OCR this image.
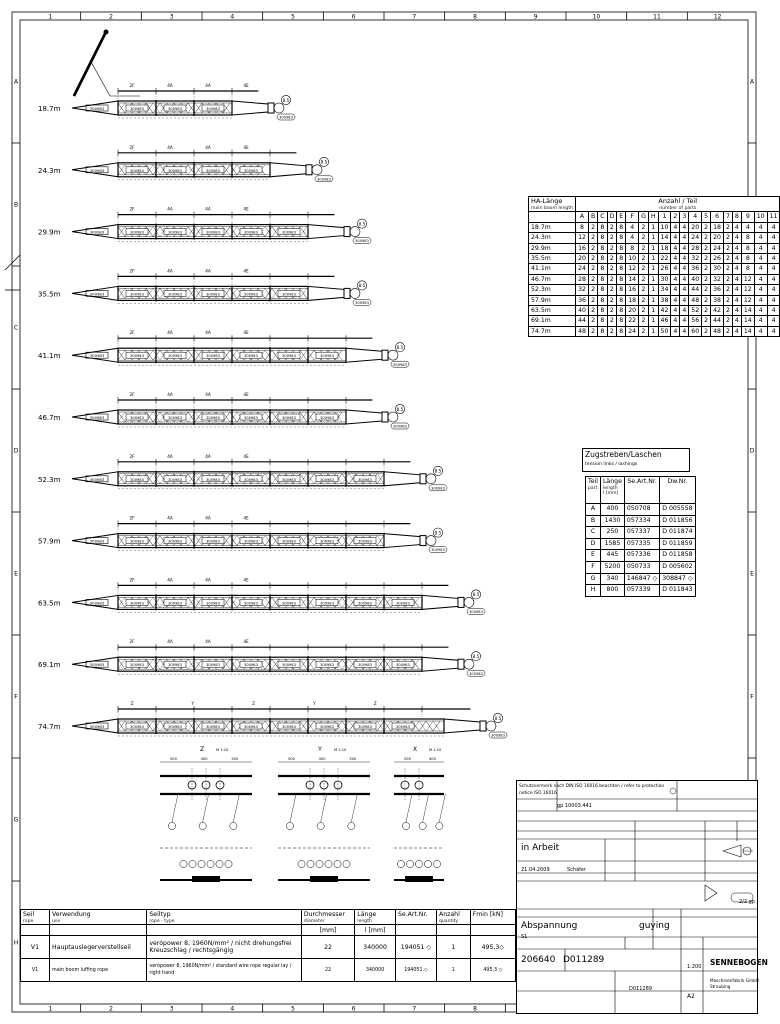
1
1
2
2
3
3
4
4
5
5
6
6
7
7
8
8
9	10	11	12
A	A
B
C
D	D
E	E
F	F
G
H
18.7m	300983	300983	300983	300983
8.5
300983
2F	4A	4A	4E
24.3m	300983	300983	300983	300983	300983
8.5
300983
2F	4A	4A	4E
29.9m	300983	300983	300983	300983	300983	300983
8.5
300983
2F	4A	4A	4E
35.5m	300983	300983	300983	300983	300983	300983
8.5
300983
2F	4A	4A	4E
41.1m	300983	300983	300983	300983	300983	300983	300983
8.5
300983
2F	4A	4A	4E
46.7m	300983	300983	300983	300983	300983	300983	300983
8.5
300983
2F	4A	4A	4E
52.3m	300983	300983	300983	300983	300983	300983	300983	300983
8.5
300983
2F	4A	4A	4E
57.9m	300983	300983	300983	300983	300983	300983	300983	300983
8.5
300983
2F	4A	4A	4E
63.5m	300983	300983	300983	300983	300983	300983	300983	300983	300983
8.5
300983
2F	4A	4A	4E
69.1m	300983	300983	300983	300983	300983	300983	300983	300983	300983
8.5
300983
2F	4A	4A	4E
74.7m	300983	300983	300983	300983	300983	300983	300983	300983	300983
8.5
300983
Z	Y	Z	Y	Z
HA-Länge
main boom length	Anzahl / Teil
number of parts																		

	A	B	C	D	E	F	G	H	1	2	3	4	5	6	7	8	9	10	11
18.7m	8	2	8	2	8	4	2	1	10	4	4	20	2	18	2	4	4	4	4
24.3m	12	2	8	2	8	4	2	1	14	4	4	24	2	20	2	4	8	4	4
29.9m	16	2	8	2	8	8	2	1	18	4	4	28	2	24	2	4	8	4	4
35.5m	20	2	8	2	8	10	2	1	22	4	4	32	2	26	2	4	8	4	4
41.1m	24	2	8	2	8	12	2	1	26	4	4	36	2	30	2	4	8	4	4
46.7m	28	2	8	2	8	14	2	1	30	4	4	40	2	32	2	4	12	4	4
52.3m	32	2	8	2	8	16	2	1	34	4	4	44	2	36	2	4	12	4	4
57.9m	36	2	8	2	8	18	2	1	38	4	4	48	2	38	2	4	12	4	4
63.5m	40	2	8	2	8	20	2	1	42	4	4	52	2	42	2	4	14	4	4
69.1m	44	2	8	2	8	22	2	1	46	4	4	56	2	44	2	4	14	4	4
74.7m	48	2	8	2	8	24	2	1	50	4	4	60	2	48	2	4	14	4	4
Zugstreben/Laschen
tension links / lashings
Teil
part	Länge
length
l [mm]	Se.Art.Nr.	Dw.Nr.
A	400	050708	D 005558
B	1430	057334	D 011856
C	250	057337	D 011874
D	1585	057335	D 011859
E	445	057336	D 011858
F	5200	050733	D 005602
G	340	146847 ◇	308847 ◇
H	800	057339	D 011843
Z	M 1:10
500	400	500
Y	M 1:10
500	400	500
X	M 1:10
500	400
Seil
rope	Verwendung
use	Seiltyp
rope - type	Durchmesser
diameter	Länge
length	Se.Art.Nr.	Anzahl
quantity	Fmin [kN]
			[mm]	l [mm]			
V1	Hauptauslegerverstellseil	verópower 8, 1960N/mm² / nicht drehungsfrei Kreuzschlag / rechtsgängig	22	340000	194051 ◇	1	495,3◇
V1	main boom luffing rope	verópower 8, 1960N/mm² / standard wire rope regular lay / right hand	22	340000	194051 ◇	1	495,3 ◇
Schutzvermerk nach DIN ISO 16016 beachten / refer to protection notice ISO 16016
gp 10003.441
in Arbeit
21.04.2009	Schäfer
Abspannung	guying
S1
206640 D011289
D011289
1:200
A2
2/2 gp
SENNEBOGEN
Maschinenfabrik GmbH
Straubing
